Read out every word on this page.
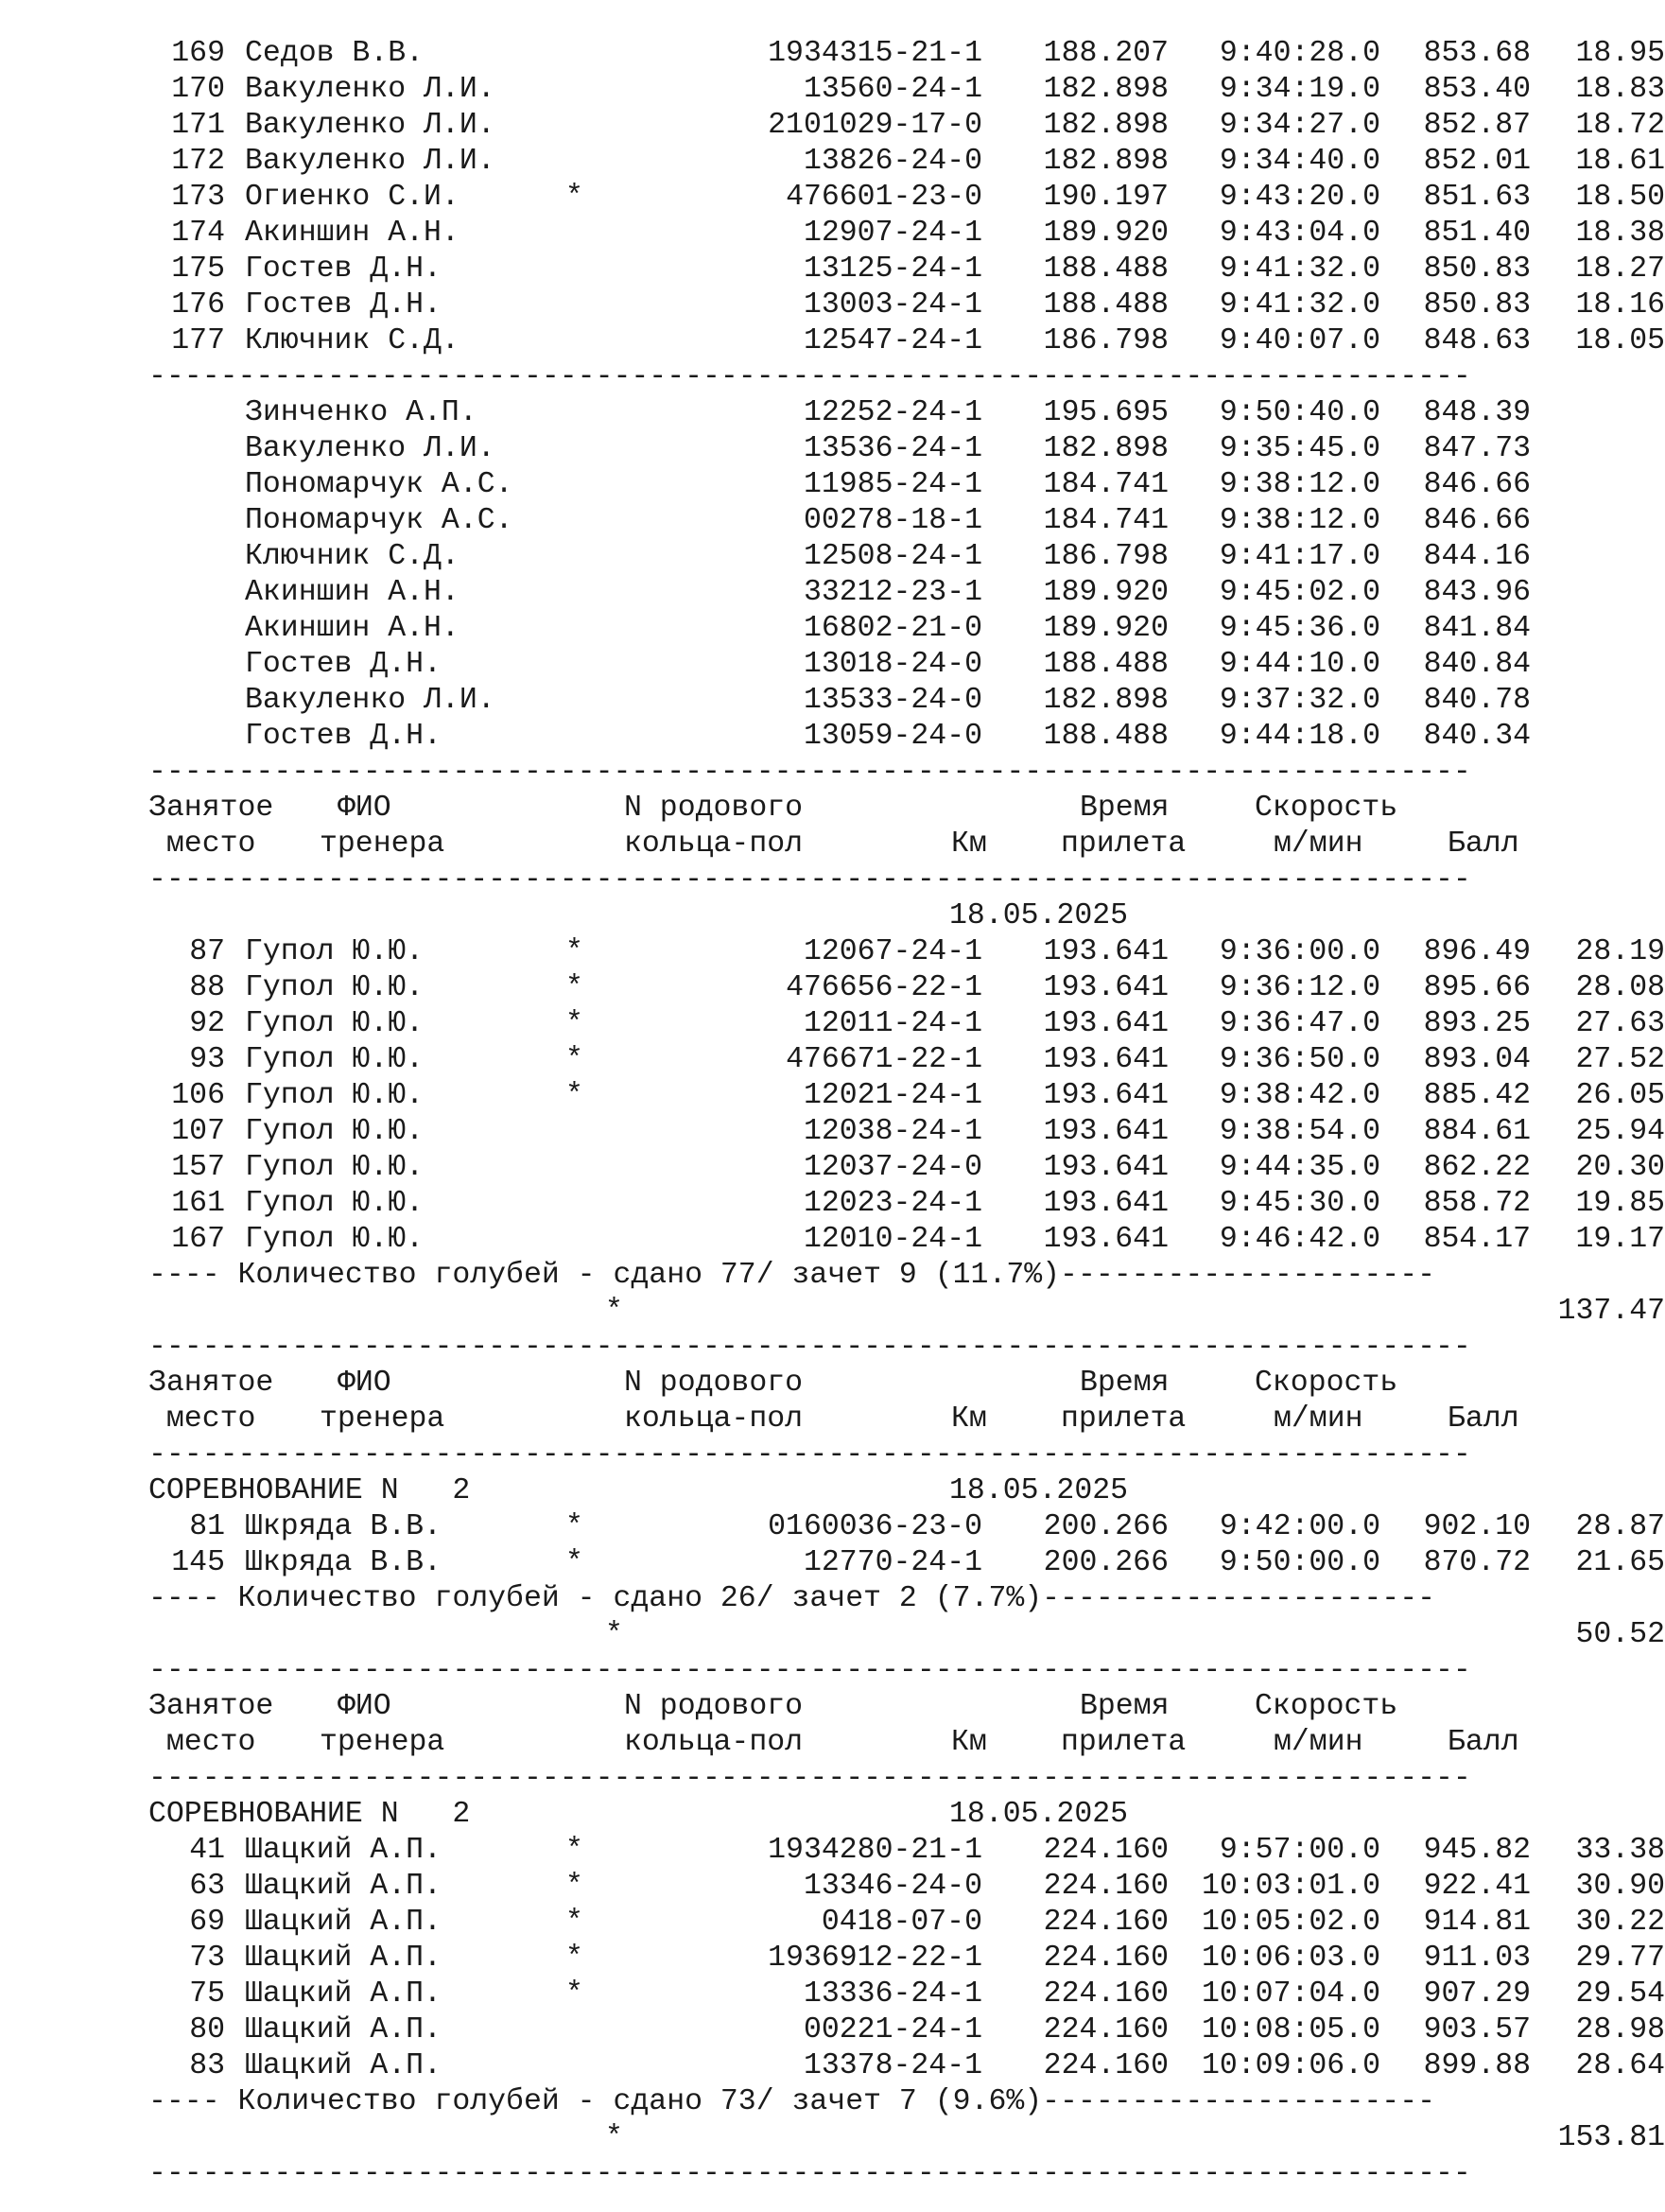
169 Седов В.В.	1934315-21-1	188.207	9:40:28.0	853.68	18.95
170 Вакуленко Л.И.	13560-24-1	182.898	9:34:19.0	853.40	18.83
171 Вакуленко Л.И.	2101029-17-0	182.898	9:34:27.0	852.87	18.72
172 Вакуленко Л.И.	13826-24-0	182.898	9:34:40.0	852.01	18.61
173 Огиенко С.И.	*	476601-23-0	190.197	9:43:20.0	851.63	18.50
174 Акиншин А.Н.	12907-24-1	189.920	9:43:04.0	851.40	18.38
175 Гостев Д.Н.	13125-24-1	188.488	9:41:32.0	850.83	18.27
176 Гостев Д.Н.	13003-24-1	188.488	9:41:32.0	850.83	18.16
177 Ключник С.Д.	12547-24-1	186.798	9:40:07.0	848.63	18.05
--------------------------------------------------------------------------
Зинченко А.П.	12252-24-1	195.695	9:50:40.0	848.39
Вакуленко Л.И.	13536-24-1	182.898	9:35:45.0	847.73
Пономарчук А.С.	11985-24-1	184.741	9:38:12.0	846.66
Пономарчук А.С.	00278-18-1	184.741	9:38:12.0	846.66
Ключник С.Д.	12508-24-1	186.798	9:41:17.0	844.16
Акиншин А.Н.	33212-23-1	189.920	9:45:02.0	843.96
Акиншин А.Н.	16802-21-0	189.920	9:45:36.0	841.84
Гостев Д.Н.	13018-24-0	188.488	9:44:10.0	840.84
Вакуленко Л.И.	13533-24-0	182.898	9:37:32.0	840.78
Гостев Д.Н.	13059-24-0	188.488	9:44:18.0	840.34
--------------------------------------------------------------------------
Занятое ФИО	N родового	Время	Скорость
место тренера	кольца-пол	Км прилета	м/мин	Балл
--------------------------------------------------------------------------
18.05.2025
87 Гупол Ю.Ю.	*	12067-24-1	193.641	9:36:00.0	896.49	28.19
88 Гупол Ю.Ю.	*	476656-22-1	193.641	9:36:12.0	895.66	28.08
92 Гупол Ю.Ю.	*	12011-24-1	193.641	9:36:47.0	893.25	27.63
93 Гупол Ю.Ю.	*	476671-22-1	193.641	9:36:50.0	893.04	27.52
106 Гупол Ю.Ю.	*	12021-24-1	193.641	9:38:42.0	885.42	26.05
107 Гупол Ю.Ю.	12038-24-1	193.641	9:38:54.0	884.61	25.94
157 Гупол Ю.Ю.	12037-24-0	193.641	9:44:35.0	862.22	20.30
161 Гупол Ю.Ю.	12023-24-1	193.641	9:45:30.0	858.72	19.85
167 Гупол Ю.Ю.	12010-24-1	193.641	9:46:42.0	854.17	19.17
---- Количество голубей - сдано 77/ зачет 9 (11.7%)---------------------
*	137.47
--------------------------------------------------------------------------
Занятое ФИО	N родового	Время	Скорость
место тренера	кольца-пол	Км прилета	м/мин	Балл
--------------------------------------------------------------------------
СОРЕВНОВАНИЕ N   2	18.05.2025
81 Шкряда В.В.	*	0160036-23-0	200.266	9:42:00.0	902.10	28.87
145 Шкряда В.В.	*	12770-24-1	200.266	9:50:00.0	870.72	21.65
---- Количество голубей - сдано 26/ зачет 2 (7.7%)----------------------
*	50.52
--------------------------------------------------------------------------
Занятое ФИО	N родового	Время	Скорость
место тренера	кольца-пол	Км прилета	м/мин	Балл
--------------------------------------------------------------------------
СОРЕВНОВАНИЕ N   2	18.05.2025
41 Шацкий А.П.	*	1934280-21-1	224.160	9:57:00.0	945.82	33.38
63 Шацкий А.П.	*	13346-24-0	224.160	10:03:01.0	922.41	30.90
69 Шацкий А.П.	*	0418-07-0	224.160	10:05:02.0	914.81	30.22
73 Шацкий А.П.	*	1936912-22-1	224.160	10:06:03.0	911.03	29.77
75 Шацкий А.П.	*	13336-24-1	224.160	10:07:04.0	907.29	29.54
80 Шацкий А.П.	00221-24-1	224.160	10:08:05.0	903.57	28.98
83 Шацкий А.П.	13378-24-1	224.160	10:09:06.0	899.88	28.64
---- Количество голубей - сдано 73/ зачет 7 (9.6%)----------------------
*	153.81
--------------------------------------------------------------------------
